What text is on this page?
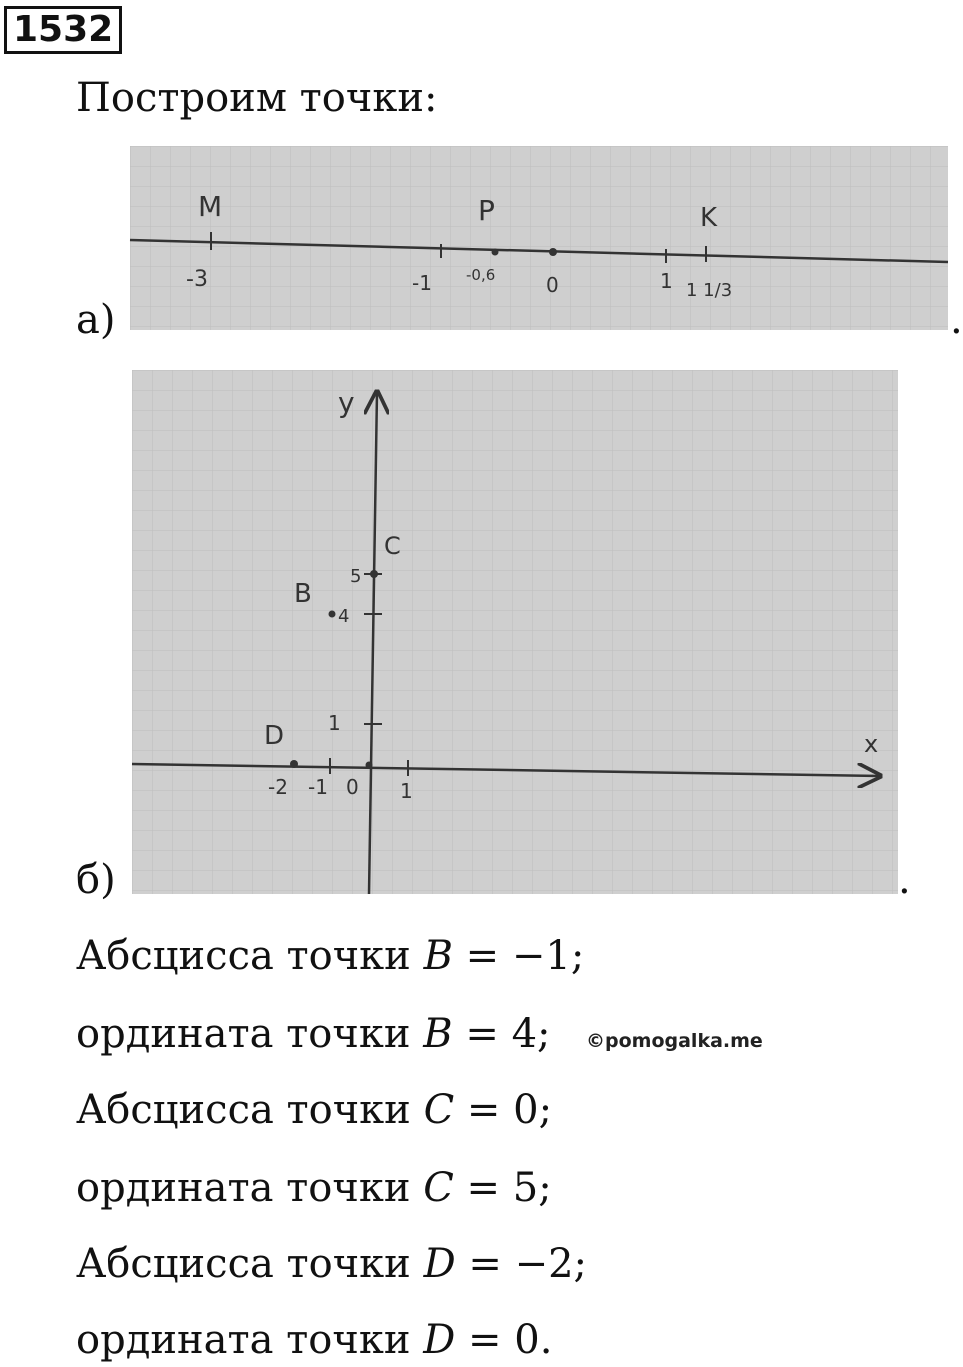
1532
Построим точки:
M	P	K
-3	-1 -0,6	0	1 1 1/3
а)	.
x
y
D
B
C
-2 -1 0 1
1
4
5
б)	.
Абсцисса точки B = −1;
ордината точки B = 4; ©pomogalka.me
Абсцисса точки C = 0;
ордината точки C = 5;
Абсцисса точки D = −2;
ордината точки D = 0.
